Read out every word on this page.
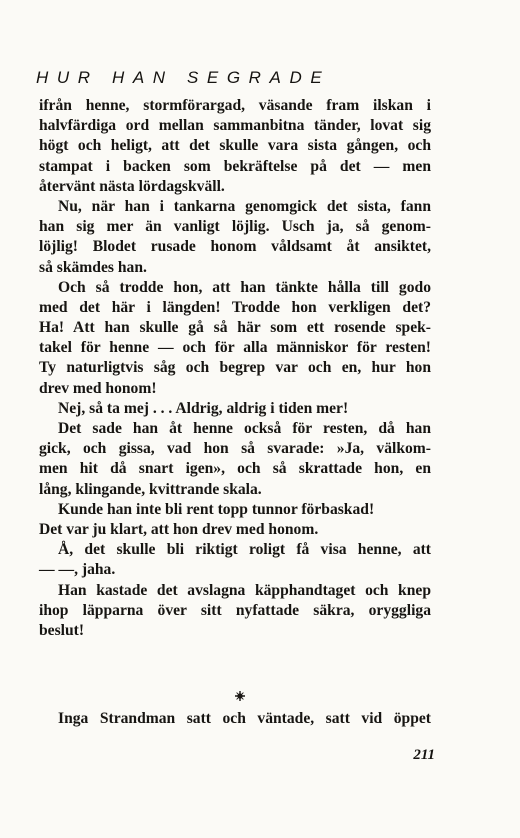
HUR HAN SEGRADE
ifrån henne, stormförargad, väsande fram ilskan i
halvfärdiga ord mellan sammanbitna tänder, lovat sig
högt och heligt, att det skulle vara sista gången, och
stampat i backen som bekräftelse på det — men
återvänt nästa lördagskväll.
Nu, när han i tankarna genomgick det sista, fann
han sig mer än vanligt löjlig. Usch ja, så genom-
löjlig! Blodet rusade honom våldsamt åt ansiktet,
så skämdes han.
Och så trodde hon, att han tänkte hålla till godo
med det här i längden! Trodde hon verkligen det?
Ha! Att han skulle gå så här som ett rosende spek-
takel för henne — och för alla människor för resten!
Ty naturligtvis såg och begrep var och en, hur hon
drev med honom!
Nej, så ta mej . . . Aldrig, aldrig i tiden mer!
Det sade han åt henne också för resten, då han
gick, och gissa, vad hon så svarade: »Ja, välkom-
men hit då snart igen», och så skrattade hon, en
lång, klingande, kvittrande skala.
Kunde han inte bli rent topp tunnor förbaskad!
Det var ju klart, att hon drev med honom.
Å, det skulle bli riktigt roligt få visa henne, att
— —, jaha.
Han kastade det avslagna käpphandtaget och knep
ihop läpparna över sitt nyfattade säkra, oryggliga
beslut!
Inga Strandman satt och väntade, satt vid öppet
211
